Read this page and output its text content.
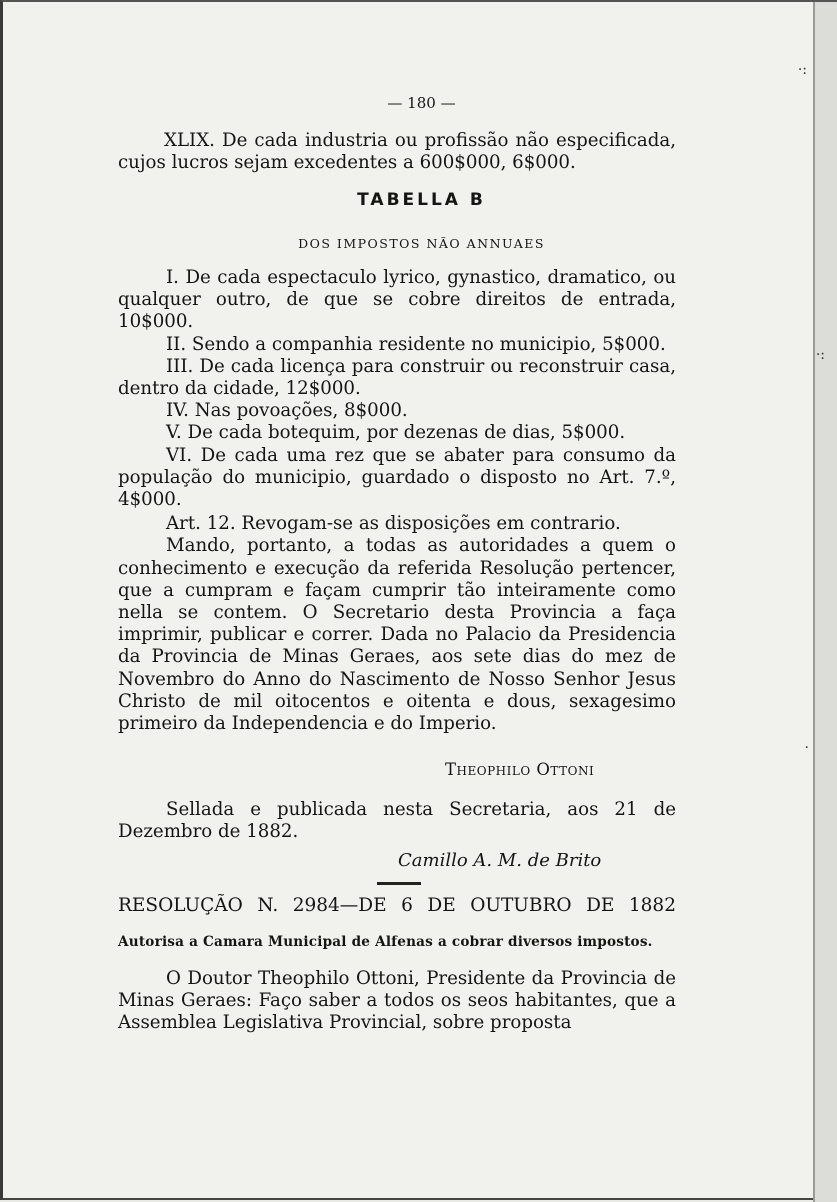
·:
·:
·
— 180 —

XLIX. De cada industria ou profissão não especificada, cujos lucros sejam excedentes a 600$000, 6$000.

TABELLA B
DOS IMPOSTOS NÃO ANNUAES

I. De cada espectaculo lyrico, gynastico, dramatico, ou qualquer outro, de que se cobre direitos de entrada, 10$000.

II. Sendo a companhia residente no municipio, 5$000.

III. De cada licença para construir ou reconstruir casa, dentro da cidade, 12$000.

IV. Nas povoações, 8$000.

V. De cada botequim, por dezenas de dias, 5$000.

VI. De cada uma rez que se abater para consumo da população do municipio, guardado o disposto no Art. 7.º, 4$000.

Art. 12. Revogam-se as disposições em contrario.

Mando, portanto, a todas as autoridades a quem o conhecimento e execução da referida Resolução pertencer, que a cumpram e façam cumprir tão inteiramente como nella se contem. O Secretario desta Provincia a faça imprimir, publicar e correr. Dada no Palacio da Presidencia da Provincia de Minas Geraes, aos sete dias do mez de Novembro do Anno do Nascimento de Nosso Senhor Jesus Christo de mil oitocentos e oitenta e dous, sexagesimo primeiro da Independencia e do Imperio.

Theophilo Ottoni

Sellada e publicada nesta Secretaria, aos 21 de Dezembro de 1882.

Camillo A. M. de Brito
RESOLUÇÃO N. 2984—DE 6 DE OUTUBRO DE 1882
Autorisa a Camara Municipal de Alfenas a cobrar diversos impostos.

O Doutor Theophilo Ottoni, Presidente da Provincia de Minas Geraes: Faço saber a todos os seos habitantes, que a Assemblea Legislativa Provincial, sobre proposta
